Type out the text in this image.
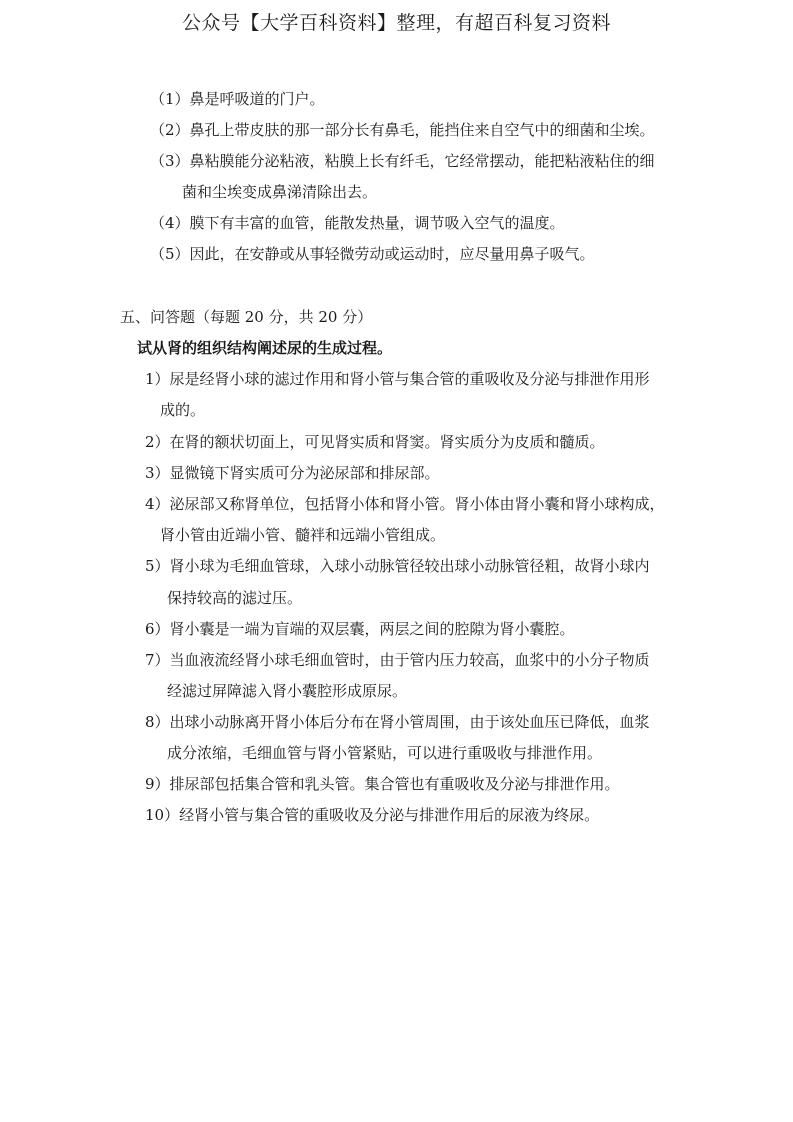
公众号【大学百科资料】整理，有超百科复习资料
（1）鼻是呼吸道的门户。
（2）鼻孔上带皮肤的那一部分长有鼻毛，能挡住来自空气中的细菌和尘埃。
（3）鼻粘膜能分泌粘液，粘膜上长有纤毛，它经常摆动，能把粘液粘住的细
菌和尘埃变成鼻涕清除出去。
（4）膜下有丰富的血管，能散发热量，调节吸入空气的温度。
（5）因此，在安静或从事轻微劳动或运动时，应尽量用鼻子吸气。
五、问答题（每题 20 分，共 20 分）
试从肾的组织结构阐述尿的生成过程。
1）尿是经肾小球的滤过作用和肾小管与集合管的重吸收及分泌与排泄作用形
成的。
2）在肾的额状切面上，可见肾实质和肾窦。肾实质分为皮质和髓质。
3）显微镜下肾实质可分为泌尿部和排尿部。
4）泌尿部又称肾单位，包括肾小体和肾小管。肾小体由肾小囊和肾小球构成，
肾小管由近端小管、髓袢和远端小管组成。
5）肾小球为毛细血管球，入球小动脉管径较出球小动脉管径粗，故肾小球内
保持较高的滤过压。
6）肾小囊是一端为盲端的双层囊，两层之间的腔隙为肾小囊腔。
7）当血液流经肾小球毛细血管时，由于管内压力较高，血浆中的小分子物质
经滤过屏障滤入肾小囊腔形成原尿。
8）出球小动脉离开肾小体后分布在肾小管周围，由于该处血压已降低，血浆
成分浓缩，毛细血管与肾小管紧贴，可以进行重吸收与排泄作用。
9）排尿部包括集合管和乳头管。集合管也有重吸收及分泌与排泄作用。
10）经肾小管与集合管的重吸收及分泌与排泄作用后的尿液为终尿。
